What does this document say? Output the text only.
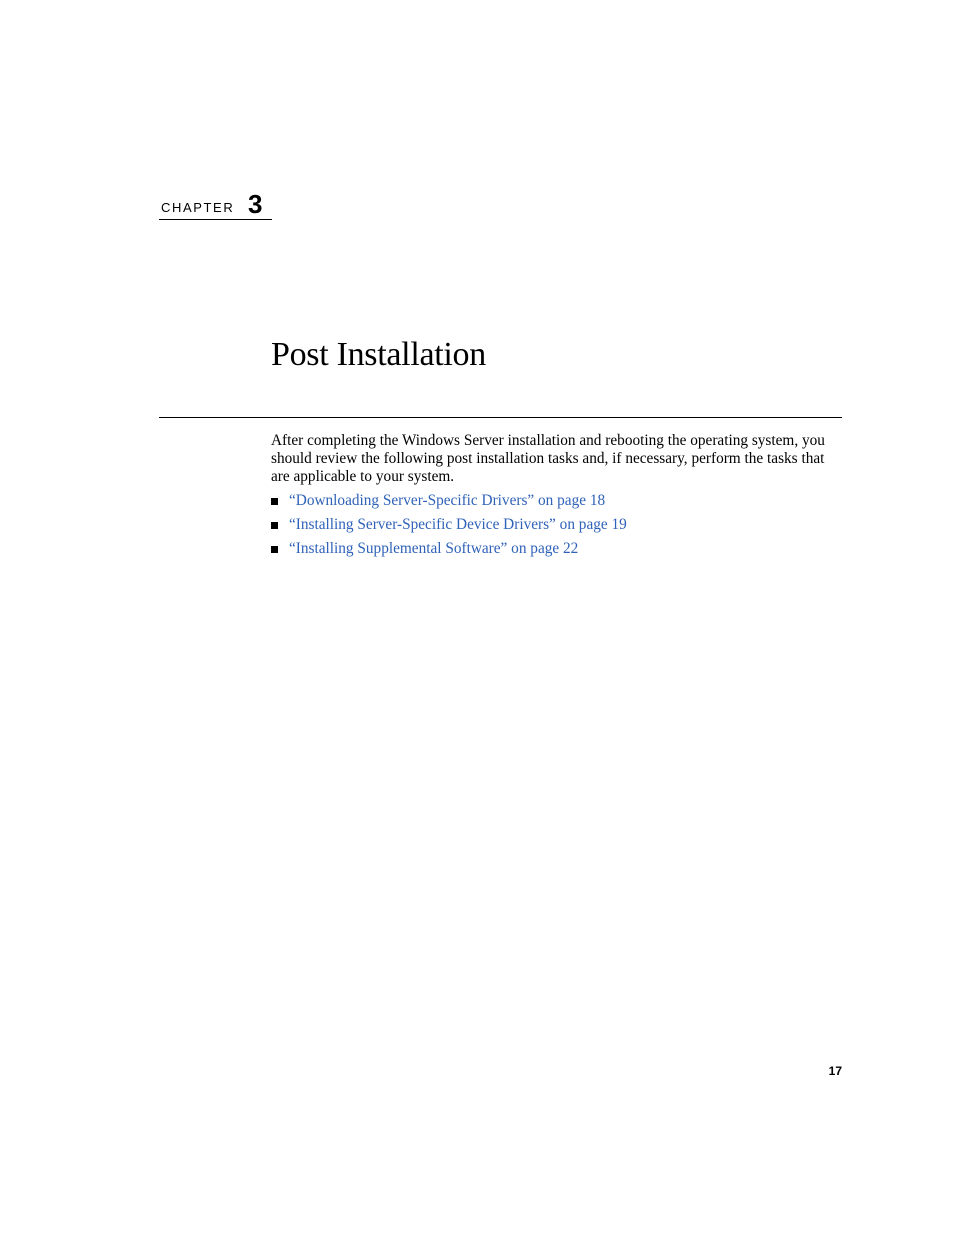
CHAPTER 3
Post Installation

After completing the Windows Server installation and rebooting the operating system, you should review the following post installation tasks and, if necessary, perform the tasks that are applicable to your system.

“Downloading Server-Specific Drivers” on page 18
“Installing Server-Specific Device Drivers” on page 19
“Installing Supplemental Software” on page 22
17
